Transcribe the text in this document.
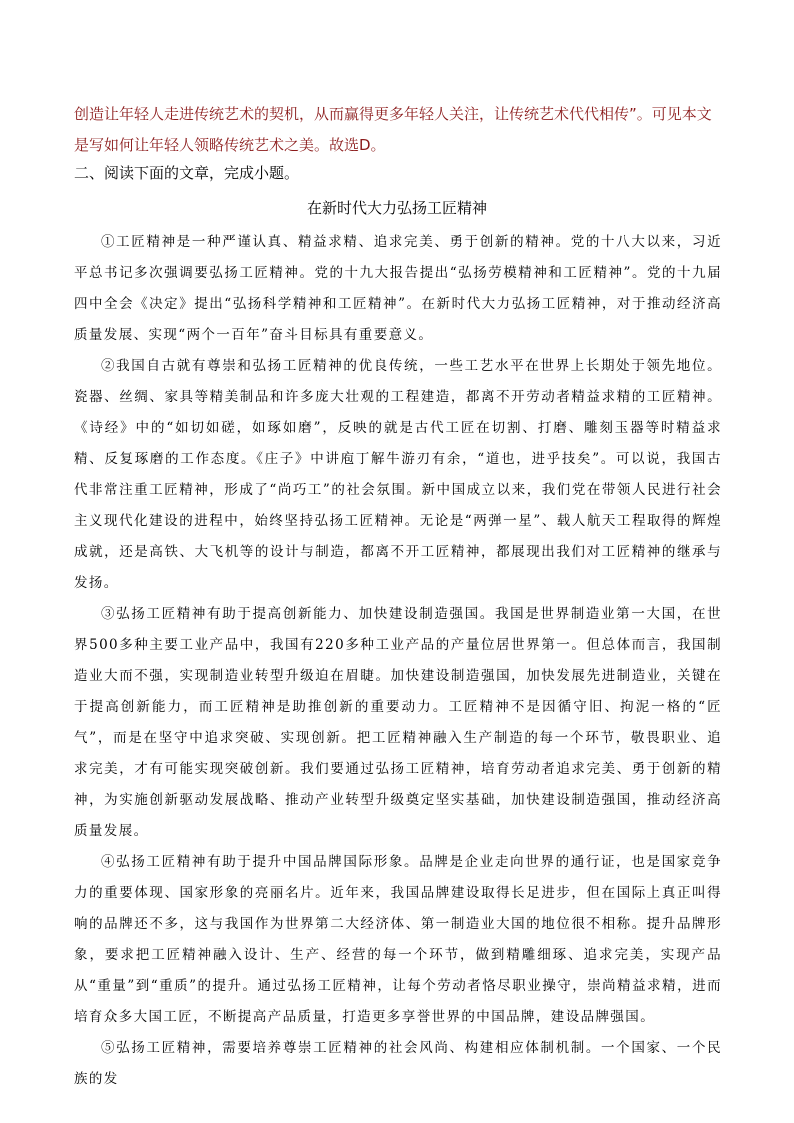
创造让年轻人走进传统艺术的契机，从而赢得更多年轻人关注，让传统艺术代代相传”。可见本文是写如何让年轻人领略传统艺术之美。故选D。

二、阅读下面的文章，完成小题。

在新时代大力弘扬工匠精神

①工匠精神是一种严谨认真、精益求精、追求完美、勇于创新的精神。党的十八大以来，习近平总书记多次强调要弘扬工匠精神。党的十九大报告提出“弘扬劳模精神和工匠精神”。党的十九届四中全会《决定》提出“弘扬科学精神和工匠精神”。在新时代大力弘扬工匠精神，对于推动经济高质量发展、实现“两个一百年”奋斗目标具有重要意义。

②我国自古就有尊崇和弘扬工匠精神的优良传统，一些工艺水平在世界上长期处于领先地位。瓷器、丝绸、家具等精美制品和许多庞大壮观的工程建造，都离不开劳动者精益求精的工匠精神。《诗经》中的“如切如磋，如琢如磨”，反映的就是古代工匠在切割、打磨、雕刻玉器等时精益求精、反复琢磨的工作态度。《庄子》中讲庖丁解牛游刃有余，“道也，进乎技矣”。可以说，我国古代非常注重工匠精神，形成了“尚巧工”的社会氛围。新中国成立以来，我们党在带领人民进行社会主义现代化建设的进程中，始终坚持弘扬工匠精神。无论是“两弹一星”、载人航天工程取得的辉煌成就，还是高铁、大飞机等的设计与制造，都离不开工匠精神，都展现出我们对工匠精神的继承与发扬。

③弘扬工匠精神有助于提高创新能力、加快建设制造强国。我国是世界制造业第一大国，在世界500多种主要工业产品中，我国有220多种工业产品的产量位居世界第一。但总体而言，我国制造业大而不强，实现制造业转型升级迫在眉睫。加快建设制造强国，加快发展先进制造业，关键在于提高创新能力，而工匠精神是助推创新的重要动力。工匠精神不是因循守旧、拘泥一格的“匠气”，而是在坚守中追求突破、实现创新。把工匠精神融入生产制造的每一个环节，敬畏职业、追求完美，才有可能实现突破创新。我们要通过弘扬工匠精神，培育劳动者追求完美、勇于创新的精神，为实施创新驱动发展战略、推动产业转型升级奠定坚实基础，加快建设制造强国，推动经济高质量发展。

④弘扬工匠精神有助于提升中国品牌国际形象。品牌是企业走向世界的通行证，也是国家竞争力的重要体现、国家形象的亮丽名片。近年来，我国品牌建设取得长足进步，但在国际上真正叫得响的品牌还不多，这与我国作为世界第二大经济体、第一制造业大国的地位很不相称。提升品牌形象，要求把工匠精神融入设计、生产、经营的每一个环节，做到精雕细琢、追求完美，实现产品从“重量”到“重质”的提升。通过弘扬工匠精神，让每个劳动者恪尽职业操守，崇尚精益求精，进而培育众多大国工匠，不断提高产品质量，打造更多享誉世界的中国品牌，建设品牌强国。

⑤弘扬工匠精神，需要培养尊崇工匠精神的社会风尚、构建相应体制机制。一个国家、一个民族的发
